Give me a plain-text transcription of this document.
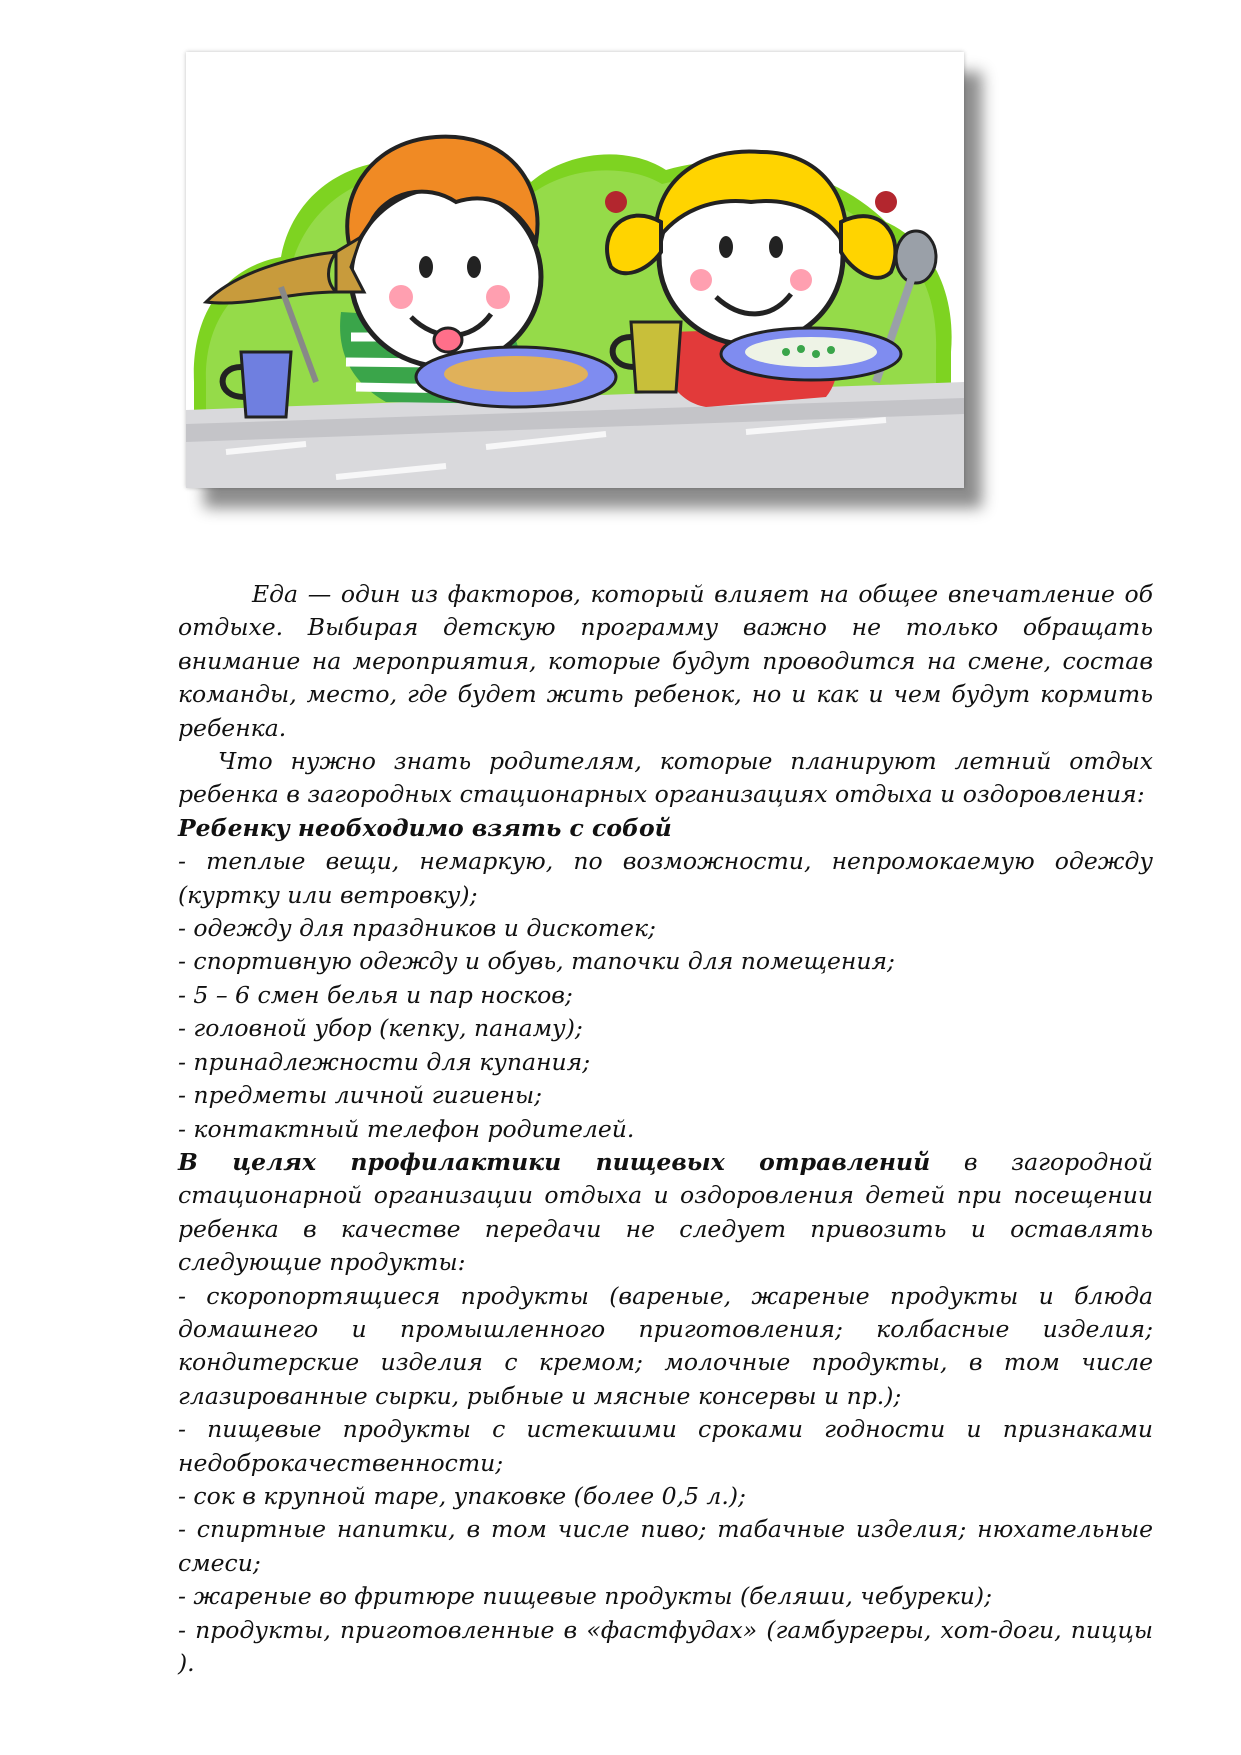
Еда — один из факторов, который влияет на общее впечатление об отдыхе. Выбирая детскую программу важно не только обращать внимание на мероприятия, которые будут проводится на смене, состав команды, место, где будет жить ребенок, но и как и чем будут кормить ребенка.

Что нужно знать родителям, которые планируют летний отдых ребенка в загородных стационарных организациях отдыха и оздоровления:

Ребенку необходимо взять с собой

- теплые вещи, немаркую, по возможности, непромокаемую одежду (куртку или ветровку);
- одежду для праздников и дискотек;
- спортивную одежду и обувь, тапочки для помещения;
- 5 – 6 смен белья и пар носков;
- головной убор (кепку, панаму);
- принадлежности для купания;
- предметы личной гигиены;
- контактный телефон родителей.

В целях профилактики пищевых отравлений в загородной стационарной организации отдыха и оздоровления детей при посещении ребенка в качестве передачи не следует привозить и оставлять следующие продукты:

- скоропортящиеся продукты (вареные, жареные продукты и блюда домашнего и промышленного приготовления; колбасные изделия; кондитерские изделия с кремом; молочные продукты, в том числе глазированные сырки, рыбные и мясные консервы и пр.);
- пищевые продукты с истекшими сроками годности и признаками недоброкачественности;
- сок в крупной таре, упаковке (более 0,5 л.);
- спиртные напитки, в том числе пиво; табачные изделия; нюхательные смеси;
- жареные во фритюре пищевые продукты (беляши, чебуреки);
- продукты, приготовленные в «фастфудах» (гамбургеры, хот-доги, пиццы ).
